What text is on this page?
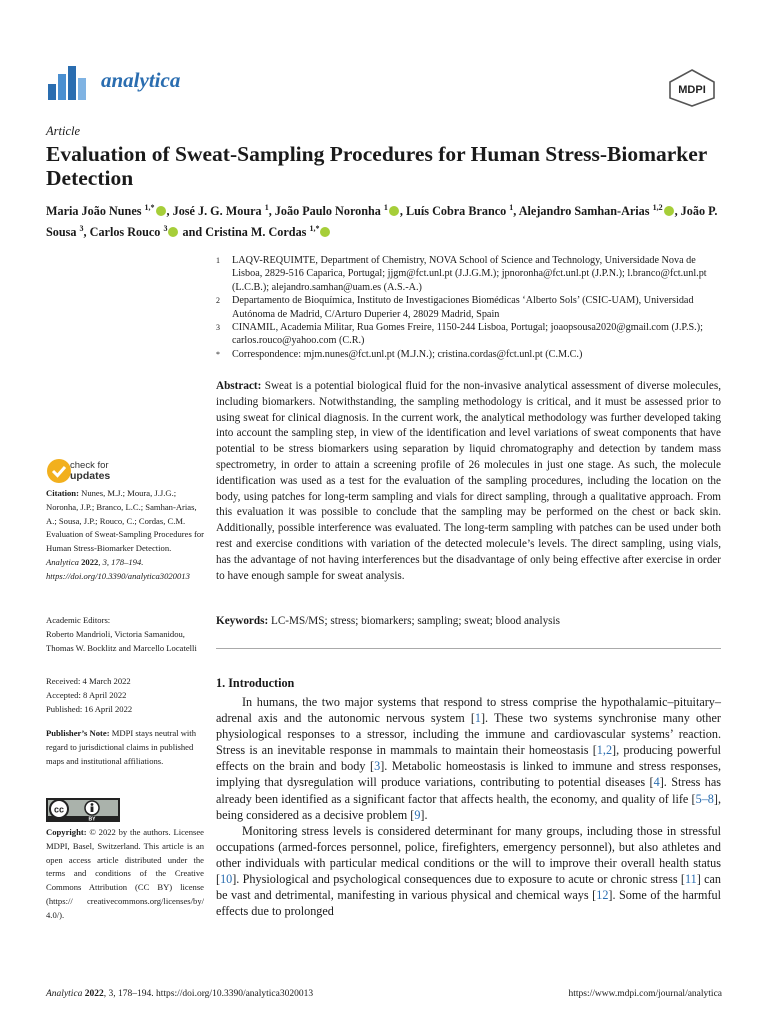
analytica	MDPI
Article
Evaluation of Sweat-Sampling Procedures for Human Stress-Biomarker Detection
Maria João Nunes $^{1,*}$ , José J. G. Moura $^1$, João Paulo Noronha $^1$ , Luís Cobra Branco $^1$, Alejandro Samhan-Arias $^{1,2}$ , João P. Sousa $^3$, Carlos Rouco $^3$ and Cristina M. Cordas $^{1,*}$
1	LAQV-REQUIMTE, Department of Chemistry, NOVA School of Science and Technology, Universidade Nova de Lisboa, 2829-516 Caparica, Portugal; jjgm@fct.unl.pt (J.J.G.M.); jpnoronha@fct.unl.pt (J.P.N.); l.branco@fct.unl.pt (L.C.B.); alejandro.samhan@uam.es (A.S.-A.)
2	Departamento de Bioquímica, Instituto de Investigaciones Biomédicas ‘Alberto Sols’ (CSIC-UAM), Universidad Autónoma de Madrid, C/Arturo Duperier 4, 28029 Madrid, Spain
3	CINAMIL, Academia Militar, Rua Gomes Freire, 1150-244 Lisboa, Portugal; joaopsousa2020@gmail.com (J.P.S.); carlos.rouco@yahoo.com (C.R.)
*	Correspondence: mjm.nunes@fct.unl.pt (M.J.N.); cristina.cordas@fct.unl.pt (C.M.C.)
Abstract: Sweat is a potential biological fluid for the non-invasive analytical assessment of diverse molecules, including biomarkers. Notwithstanding, the sampling methodology is critical, and it must be assessed prior to using sweat for clinical diagnosis. In the current work, the analytical methodology was further developed taking into account the sampling step, in view of the identification and level variations of sweat components that have potential to be stress biomarkers using separation by liquid chromatography and detection by tandem mass spectrometry, in order to attain a screening profile of 26 molecules in just one stage. As such, the molecule identification was used as a test for the evaluation of the sampling procedures, including the location on the body, using patches for long-term sampling and vials for direct sampling, through a qualitative approach. From this evaluation it was possible to conclude that the sampling may be performed on the chest or back skin. Additionally, possible interference was evaluated. The long-term sampling with patches can be used under both rest and exercise conditions with variation of the detected molecule’s levels. The direct sampling, using vials, has the advantage of not having interferences but the disadvantage of only being effective after exercise in order to have enough sample for sweat analysis.
Keywords: LC-MS/MS; stress; biomarkers; sampling; sweat; blood analysis
1. Introduction

In humans, the two major systems that respond to stress comprise the hypothalamic–pituitary–adrenal axis and the autonomic nervous system [1]. These two systems synchronise many other physiological responses to a stressor, including the immune and cardiovascular systems’ reaction. Stress is an inevitable response in mammals to maintain their homeostasis [1,2], producing powerful effects on the brain and body [3]. Metabolic homeostasis is linked to immune and stress responses, implying that dysregulation will produce variations, contributing to potential diseases [4]. Stress has already been identified as a significant factor that affects health, the economy, and quality of life [5–8], being considered as a decisive problem [9].

Monitoring stress levels is considered determinant for many groups, including those in stressful occupations (armed-forces personnel, police, firefighters, emergency personnel), but also athletes and other individuals with particular medical conditions or the will to improve their overall health status [10]. Physiological and psychological consequences due to exposure to acute or chronic stress [11] can be vast and detrimental, manifesting in various physical and chemical ways [12]. Some of the harmful effects due to prolonged

check for
updates
Citation: Nunes, M.J.; Moura, J.J.G.; Noronha, J.P.; Branco, L.C.; Samhan-Arias, A.; Sousa, J.P.; Rouco, C.; Cordas, C.M. Evaluation of Sweat-Sampling Procedures for Human Stress-Biomarker Detection. Analytica 2022, 3, 178–194. https://doi.org/10.3390/analytica3020013
Academic Editors:
Roberto Mandrioli, Victoria Samanidou, Thomas W. Bocklitz and Marcello Locatelli
Received: 4 March 2022
Accepted: 8 April 2022
Published: 16 April 2022
Publisher’s Note: MDPI stays neutral with regard to jurisdictional claims in published maps and institutional affiliations.
cc
BY
Copyright: © 2022 by the authors. Licensee MDPI, Basel, Switzerland. This article is an open access article distributed under the terms and conditions of the Creative Commons Attribution (CC BY) license (https:// creativecommons.org/licenses/by/ 4.0/).
Analytica 2022, 3, 178–194. https://doi.org/10.3390/analytica3020013	https://www.mdpi.com/journal/analytica
